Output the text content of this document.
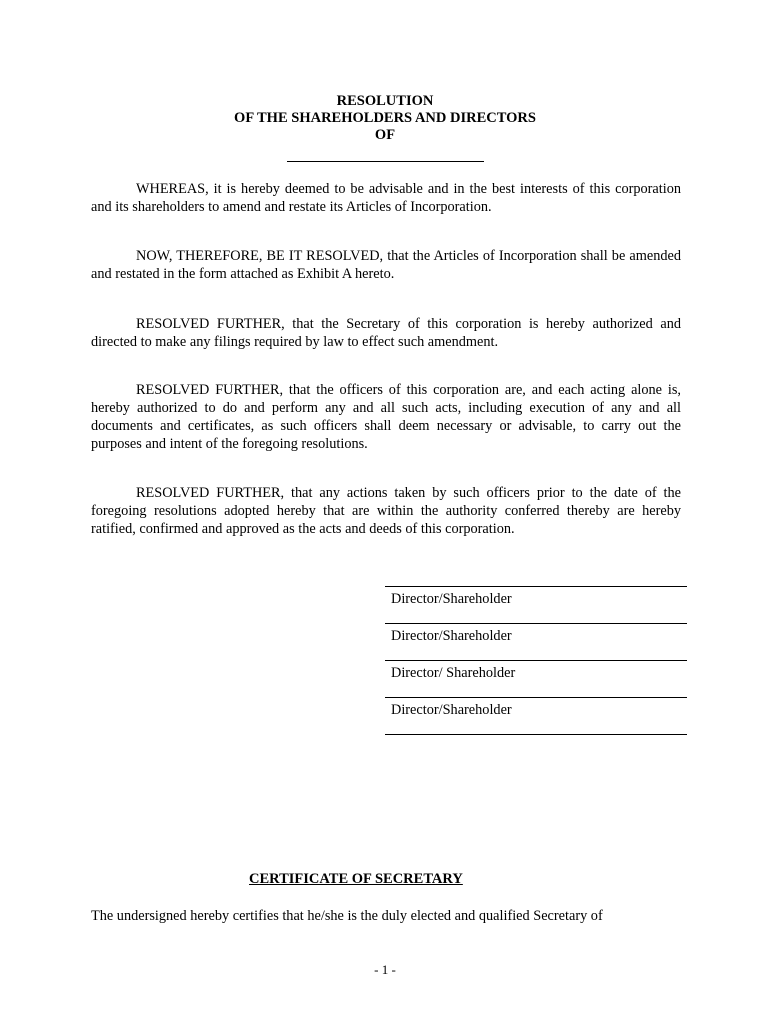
RESOLUTION
OF THE SHAREHOLDERS AND DIRECTORS
OF

WHEREAS, it is hereby deemed to be advisable and in the best interests of this corporation and its shareholders to amend and restate its Articles of Incorporation.

NOW, THEREFORE, BE IT RESOLVED, that the Articles of Incorporation shall be amended and restated in the form attached as Exhibit A hereto.

RESOLVED FURTHER, that the Secretary of this corporation is hereby authorized and directed to make any filings required by law to effect such amendment.

RESOLVED FURTHER, that the officers of this corporation are, and each acting alone is, hereby authorized to do and perform any and all such acts, including execution of any and all documents and certificates, as such officers shall deem necessary or advisable, to carry out the purposes and intent of the foregoing resolutions.

RESOLVED FURTHER, that any actions taken by such officers prior to the date of the foregoing resolutions adopted hereby that are within the authority conferred thereby are hereby ratified, confirmed and approved as the acts and deeds of this corporation.

Director/Shareholder
Director/Shareholder
Director/ Shareholder
Director/Shareholder
CERTIFICATE OF SECRETARY

The undersigned hereby certifies that he/she is the duly elected and qualified Secretary of

- 1 -
